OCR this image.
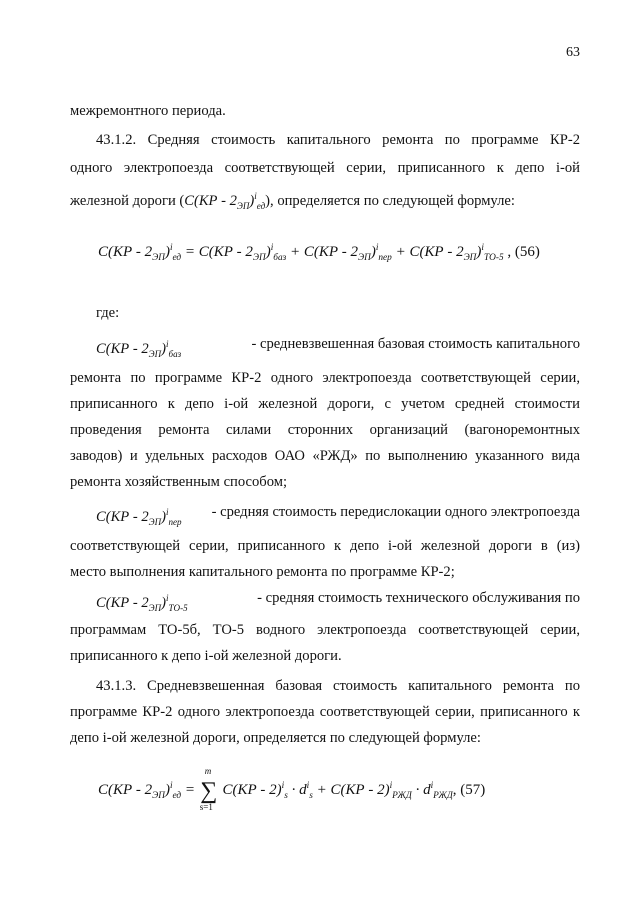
63
межремонтного периода.
43.1.2. Средняя стоимость капитального ремонта по программе КР-2
одного электропоезда соответствующей серии, приписанного к депо i-ой
железной дороги $(C(КР - 2_{ЭП})^i_{ед})$, определяется по следующей формуле:
$C(КР - 2_{ЭП})^i_{ед} = C(КР - 2_{ЭП})^i_{баз} + C(КР - 2_{ЭП})^i_{пер} + C(КР - 2_{ЭП})^i_{ТО-5}$ , (56)
где:
$C(КР - 2_{ЭП})^i_{баз}$
- средневзвешенная базовая стоимость капитального
ремонта по программе КР-2 одного электропоезда соответствующей серии,
приписанного к депо i-ой железной дороги, с учетом средней стоимости
проведения ремонта силами сторонних организаций (вагоноремонтных
заводов) и удельных расходов ОАО «РЖД» по выполнению указанного вида
ремонта хозяйственным способом;
$C(КР - 2_{ЭП})^i_{пер}$
- средняя стоимость передислокации одного электропоезда
соответствующей серии, приписанного к депо i-ой железной дороги в (из)
место выполнения капитального ремонта по программе КР-2;
$C(КР - 2_{ЭП})^i_{ТО-5}$
- средняя стоимость технического обслуживания по
программам ТО-5б, ТО-5 водного электропоезда соответствующей серии,
приписанного к депо i-ой железной дороги.
43.1.3. Средневзвешенная базовая стоимость капитального ремонта по
программе КР-2 одного электропоезда соответствующей серии, приписанного к
депо i-ой железной дороги, определяется по следующей формуле:
$C(КР - 2_{ЭП})^i_{ед}$ =
m
∑
s=1
$C(КР - 2)^i_s \cdot d^i_s + C(КР - 2)^i_{РЖД} \cdot d^i_{РЖД}$, (57)
